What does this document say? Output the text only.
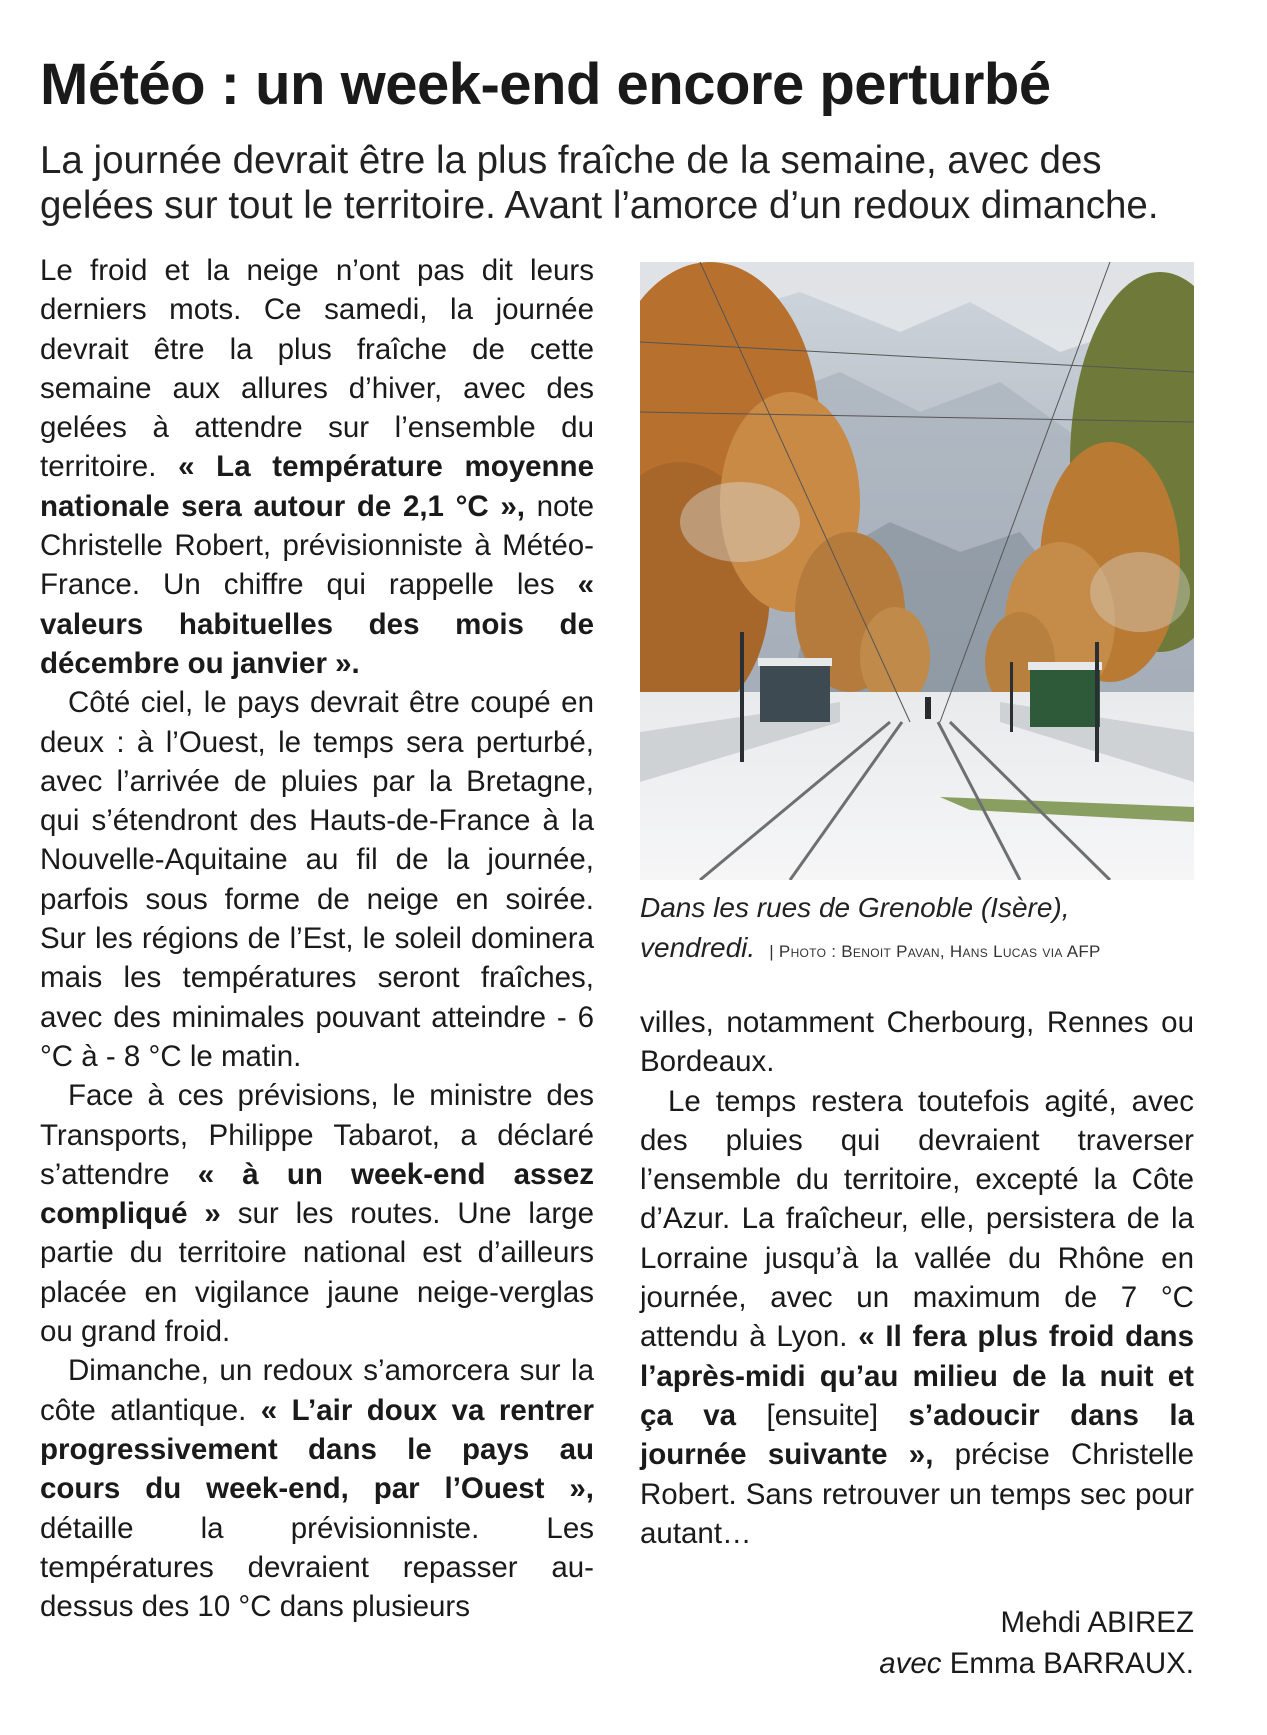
Météo : un week-end encore perturbé

La journée devrait être la plus fraîche de la semaine, avec des gelées sur tout le territoire. Avant l’amorce d’un redoux dimanche.

Le froid et la neige n’ont pas dit leurs derniers mots. Ce samedi, la journée devrait être la plus fraîche de cette semaine aux allures d’hiver, avec des gelées à attendre sur l’ensemble du territoire. « La température moyenne nationale sera autour de 2,1 °C », note Christelle Robert, prévisionniste à Météo-France. Un chiffre qui rappelle les « valeurs habituelles des mois de décembre ou janvier ».

Côté ciel, le pays devrait être coupé en deux : à l’Ouest, le temps sera perturbé, avec l’arrivée de pluies par la Bretagne, qui s’étendront des Hauts-de-France à la Nouvelle-Aquitaine au fil de la journée, parfois sous forme de neige en soirée. Sur les régions de l’Est, le soleil dominera mais les températures seront fraîches, avec des minimales pouvant atteindre - 6 °C à - 8 °C le matin.

Face à ces prévisions, le ministre des Transports, Philippe Tabarot, a déclaré s’attendre « à un week-end assez compliqué » sur les routes. Une large partie du territoire national est d’ailleurs placée en vigilance jaune neige-verglas ou grand froid.

Dimanche, un redoux s’amorcera sur la côte atlantique. « L’air doux va rentrer progressivement dans le pays au cours du week-end, par l’Ouest », détaille la prévisionniste. Les températures devraient repasser au-dessus des 10 °C dans plusieurs

Dans les rues de Grenoble (Isère), vendredi. | Photo : Benoit Pavan, Hans Lucas via AFP

villes, notamment Cherbourg, Rennes ou Bordeaux.

Le temps restera toutefois agité, avec des pluies qui devraient traverser l’ensemble du territoire, excepté la Côte d’Azur. La fraîcheur, elle, persistera de la Lorraine jusqu’à la vallée du Rhône en journée, avec un maximum de 7 °C attendu à Lyon. « Il fera plus froid dans l’après-midi qu’au milieu de la nuit et ça va [ensuite] s’adoucir dans la journée suivante », précise Christelle Robert. Sans retrouver un temps sec pour autant…

Mehdi ABIREZ
avec Emma BARRAUX.
